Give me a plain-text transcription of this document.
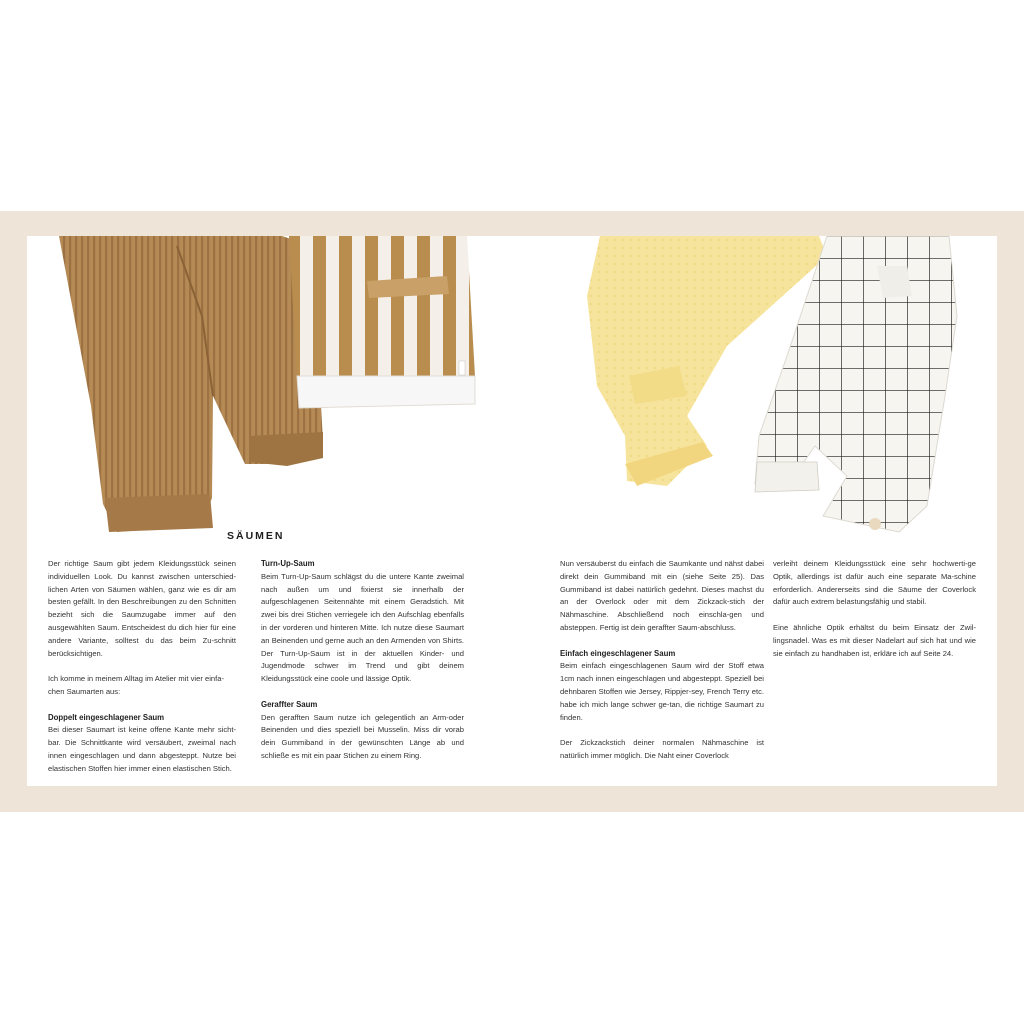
SÄUMEN

Der richtige Saum gibt jedem Kleidungsstück seinen individuellen Look. Du kannst zwischen unterschied-lichen Arten von Säumen wählen, ganz wie es dir am besten gefällt. In den Beschreibungen zu den Schnitten bezieht sich die Saumzugabe immer auf den ausgewählten Saum. Entscheidest du dich hier für eine andere Variante, solltest du das beim Zu-schnitt berücksichtigen.

Ich komme in meinem Alltag im Atelier mit vier einfa-chen Saumarten aus:

Doppelt eingeschlagener Saum

Bei dieser Saumart ist keine offene Kante mehr sicht-bar. Die Schnittkante wird versäubert, zweimal nach innen eingeschlagen und dann abgesteppt. Nutze bei elastischen Stoffen hier immer einen elastischen Stich.

Turn-Up-Saum

Beim Turn-Up-Saum schlägst du die untere Kante zweimal nach außen um und fixierst sie innerhalb der aufgeschlagenen Seitennähte mit einem Geradstich. Mit zwei bis drei Stichen verriegele ich den Aufschlag ebenfalls in der vorderen und hinteren Mitte. Ich nutze diese Saumart an Beinenden und gerne auch an den Armenden von Shirts. Der Turn-Up-Saum ist in der aktuellen Kinder- und Jugendmode schwer im Trend und gibt deinem Kleidungsstück eine coole und lässige Optik.

Geraffter Saum

Den gerafften Saum nutze ich gelegentlich an Arm-oder Beinenden und dies speziell bei Musselin. Miss dir vorab dein Gummiband in der gewünschten Länge ab und schließe es mit ein paar Stichen zu einem Ring.

Nun versäuberst du einfach die Saumkante und nähst dabei direkt dein Gummiband mit ein (siehe Seite 25). Das Gummiband ist dabei natürlich gedehnt. Dieses machst du an der Overlock oder mit dem Zickzack-stich der Nähmaschine. Abschließend noch einschla-gen und absteppen. Fertig ist dein geraffter Saum-abschluss.

Einfach eingeschlagener Saum

Beim einfach eingeschlagenen Saum wird der Stoff etwa 1cm nach innen eingeschlagen und abgesteppt. Speziell bei dehnbaren Stoffen wie Jersey, Rippjer-sey, French Terry etc. habe ich mich lange schwer ge-tan, die richtige Saumart zu finden.

Der Zickzackstich deiner normalen Nähmaschine ist natürlich immer möglich. Die Naht einer Coverlock

verleiht deinem Kleidungsstück eine sehr hochwerti-ge Optik, allerdings ist dafür auch eine separate Ma-schine erforderlich. Andererseits sind die Säume der Coverlock dafür auch extrem belastungsfähig und stabil.

Eine ähnliche Optik erhältst du beim Einsatz der Zwil-lingsnadel. Was es mit dieser Nadelart auf sich hat und wie sie einfach zu handhaben ist, erkläre ich auf Seite 24.
